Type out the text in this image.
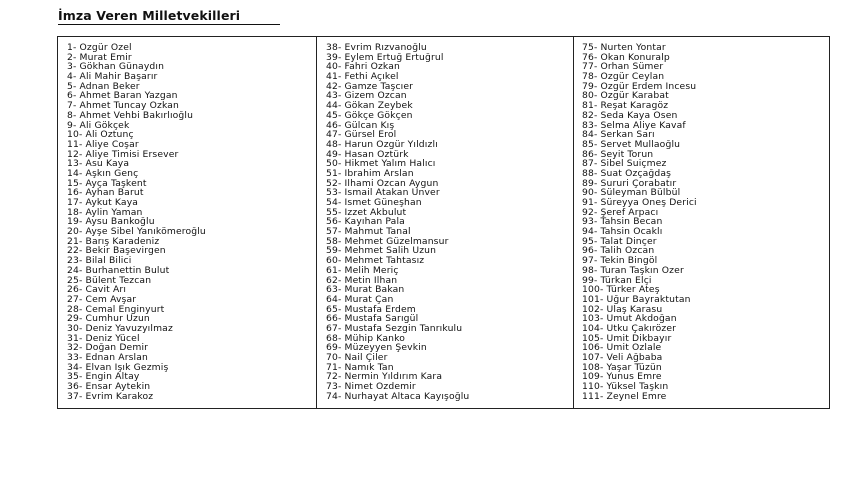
İmza Veren Milletvekilleri
1- Özgür Özel
2- Murat Emir
3- Gökhan Günaydın
4- Ali Mahir Başarır
5- Adnan Beker
6- Ahmet Baran Yazgan
7- Ahmet Tuncay Özkan
8- Ahmet Vehbi Bakırlıoğlu
9- Ali Gökçek
10- Ali Öztunç
11- Aliye Coşar
12- Aliye Timisi Ersever
13- Asu Kaya
14- Aşkın Genç
15- Ayça Taşkent
16- Ayhan Barut
17- Aykut Kaya
18- Aylin Yaman
19- Aysu Bankoğlu
20- Ayşe Sibel Yanıkömeroğlu
21- Barış Karadeniz
22- Bekir Başevirgen
23- Bilal Bilici
24- Burhanettin Bulut
25- Bülent Tezcan
26- Cavit Arı
27- Cem Avşar
28- Cemal Enginyurt
29- Cumhur Uzun
30- Deniz Yavuzyılmaz
31- Deniz Yücel
32- Doğan Demir
33- Ednan Arslan
34- Elvan Işık Gezmiş
35- Engin Altay
36- Ensar Aytekin
37- Evrim Karakoz
38- Evrim Rızvanoğlu
39- Eylem Ertuğ Ertuğrul
40- Fahri Özkan
41- Fethi Açıkel
42- Gamze Taşcıer
43- Gizem Özcan
44- Gökan Zeybek
45- Gökçe Gökçen
46- Gülcan Kış
47- Gürsel Erol
48- Harun Özgür Yıldızlı
49- Hasan Öztürk
50- Hikmet Yalım Halıcı
51- İbrahim Arslan
52- İlhami Özcan Aygun
53- İsmail Atakan Ünver
54- İsmet Güneşhan
55- İzzet Akbulut
56- Kayıhan Pala
57- Mahmut Tanal
58- Mehmet Güzelmansur
59- Mehmet Salih Uzun
60- Mehmet Tahtasız
61- Melih Meriç
62- Metin İlhan
63- Murat Bakan
64- Murat Çan
65- Mustafa Erdem
66- Mustafa Sarıgül
67- Mustafa Sezgin Tanrıkulu
68- Mühip Kanko
69- Müzeyyen Şevkin
70- Nail Çiler
71- Namık Tan
72- Nermin Yıldırım Kara
73- Nimet Özdemir
74- Nurhayat Altaca Kayışoğlu
75- Nurten Yontar
76- Okan Konuralp
77- Orhan Sümer
78- Özgür Ceylan
79- Özgür Erdem İncesu
80- Özgür Karabat
81- Reşat Karagöz
82- Seda Kaya Ösen
83- Selma Aliye Kavaf
84- Serkan Sarı
85- Servet Mullaoğlu
86- Seyit Torun
87- Sibel Suiçmez
88- Suat Özçağdaş
89- Sururi Çorabatır
90- Süleyman Bülbül
91- Süreyya Öneş Derici
92- Şeref Arpacı
93- Tahsin Becan
94- Tahsin Ocaklı
95- Talat Dinçer
96- Talih Özcan
97- Tekin Bingöl
98- Turan Taşkın Özer
99- Türkan Elçi
100- Türker Ateş
101- Uğur Bayraktutan
102- Ulaş Karasu
103- Umut Akdoğan
104- Utku Çakırözer
105- Ümit Dikbayır
106- Ümit Özlale
107- Veli Ağbaba
108- Yaşar Tüzün
109- Yunus Emre
110- Yüksel Taşkın
111- Zeynel Emre
